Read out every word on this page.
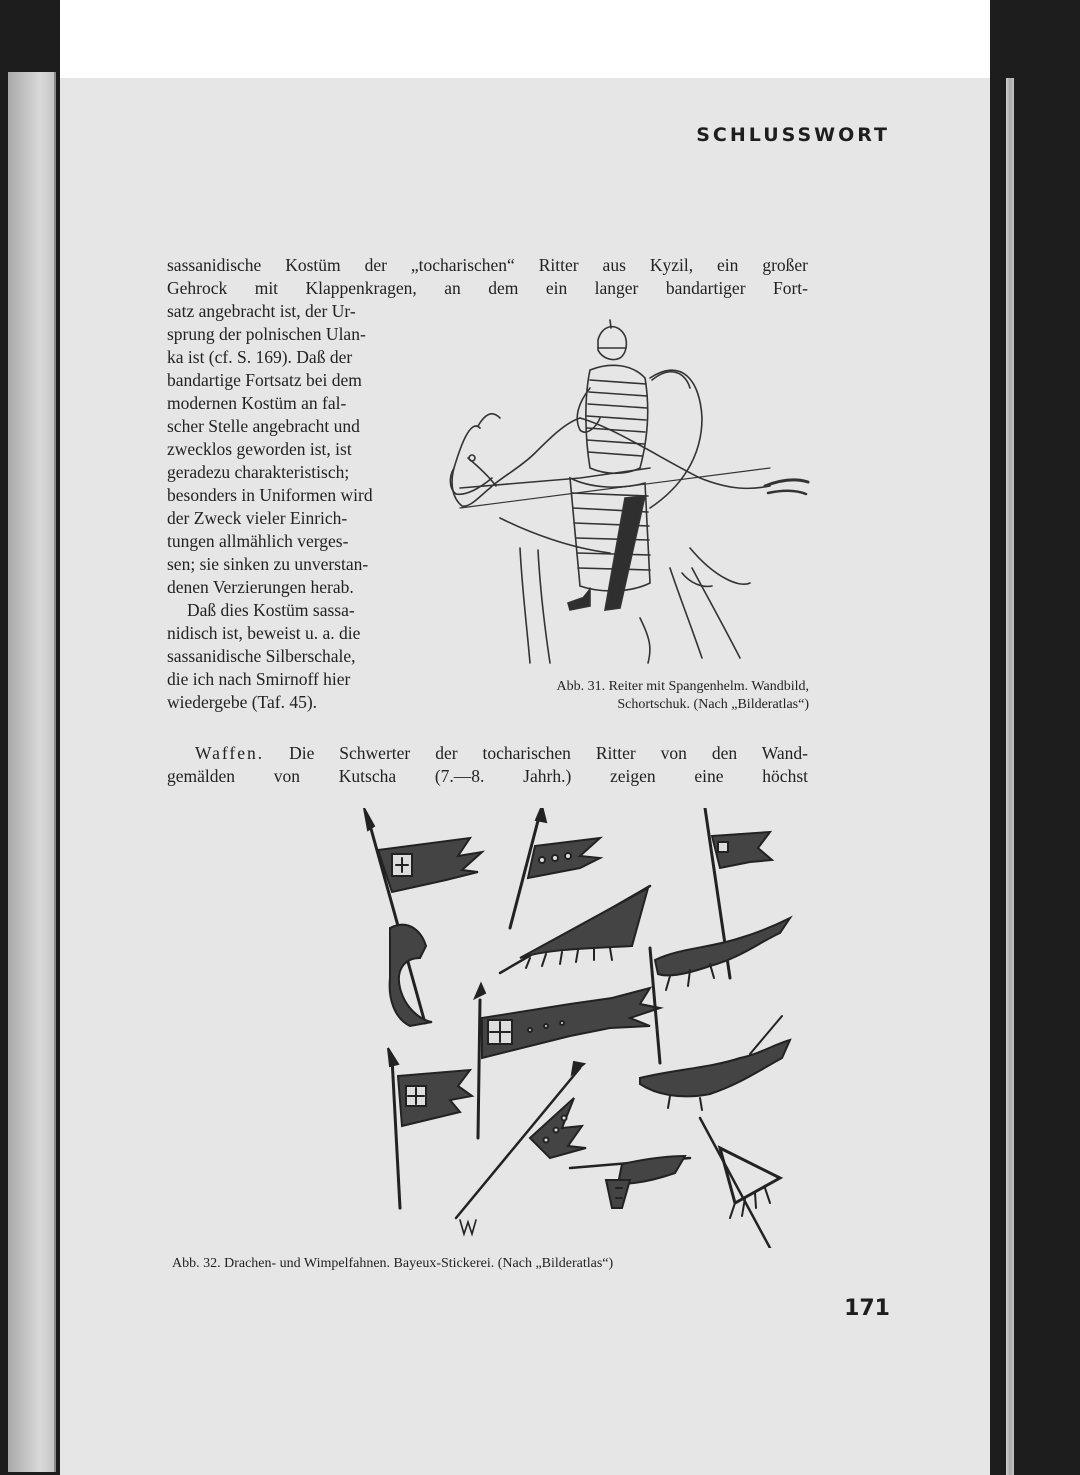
SCHLUSSWORT

sassanidische Kostüm der „tocharischen“ Ritter aus Kyzil, ein großer

Gehrock mit Klappenkragen, an dem ein langer bandartiger Fort-

satz angebracht ist, der Ur-
sprung der polnischen Ulan-
ka ist (cf. S. 169). Daß der
bandartige Fortsatz bei dem
modernen Kostüm an fal-
scher Stelle angebracht und
zwecklos geworden ist, ist
geradezu charakteristisch;
besonders in Uniformen wird
der Zweck vieler Einrich-
tungen allmählich verges-
sen; sie sinken zu unverstan-
denen Verzierungen herab.
Daß dies Kostüm sassa-
nidisch ist, beweist u. a. die
sassanidische Silberschale,
die ich nach Smirnoff hier
wiedergebe (Taf. 45).
Abb. 31. Reiter mit Spangenhelm. Wandbild,
Schortschuk. (Nach „Bilderatlas“)
Waffen. Die Schwerter der tocharischen Ritter von den Wand-
gemälden von Kutscha (7.—8. Jahrh.) zeigen eine höchst

Abb. 32. Drachen- und Wimpelfahnen. Bayeux-Stickerei. (Nach „Bilderatlas“)

171
